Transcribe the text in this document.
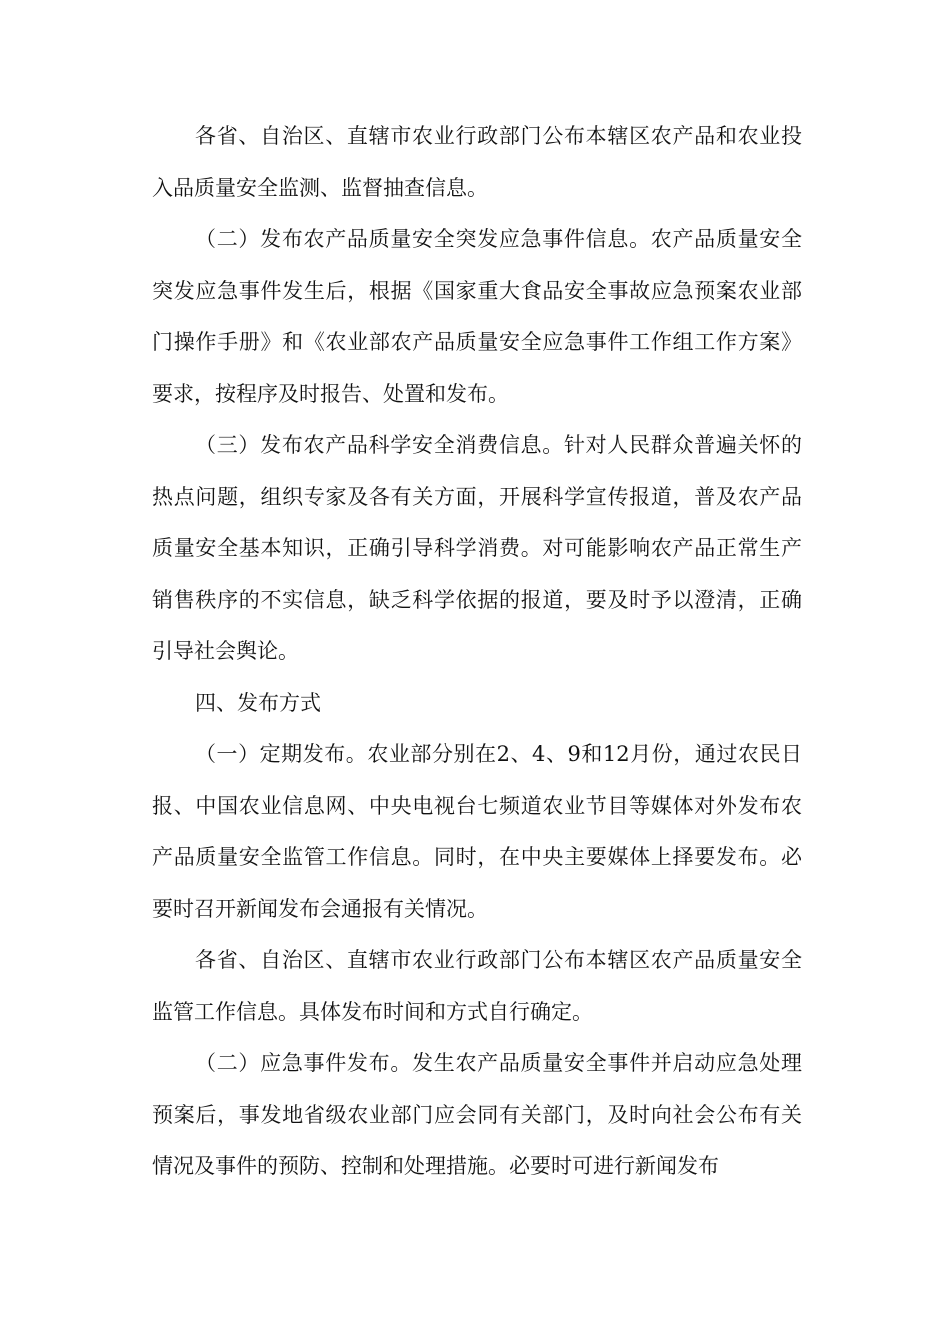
各省、自治区、直辖市农业行政部门公布本辖区农产品和农业投入品质量安全监测、监督抽查信息。

（二）发布农产品质量安全突发应急事件信息。农产品质量安全突发应急事件发生后，根据《国家重大食品安全事故应急预案农业部门操作手册》和《农业部农产品质量安全应急事件工作组工作方案》要求，按程序及时报告、处置和发布。

（三）发布农产品科学安全消费信息。针对人民群众普遍关怀的热点问题，组织专家及各有关方面，开展科学宣传报道，普及农产品质量安全基本知识，正确引导科学消费。对可能影响农产品正常生产销售秩序的不实信息，缺乏科学依据的报道，要及时予以澄清，正确引导社会舆论。

四、发布方式

（一）定期发布。农业部分别在2、4、9和12月份，通过农民日报、中国农业信息网、中央电视台七频道农业节目等媒体对外发布农产品质量安全监管工作信息。同时，在中央主要媒体上择要发布。必要时召开新闻发布会通报有关情况。

各省、自治区、直辖市农业行政部门公布本辖区农产品质量安全监管工作信息。具体发布时间和方式自行确定。

（二）应急事件发布。发生农产品质量安全事件并启动应急处理预案后，事发地省级农业部门应会同有关部门，及时向社会公布有关情况及事件的预防、控制和处理措施。必要时可进行新闻发布
